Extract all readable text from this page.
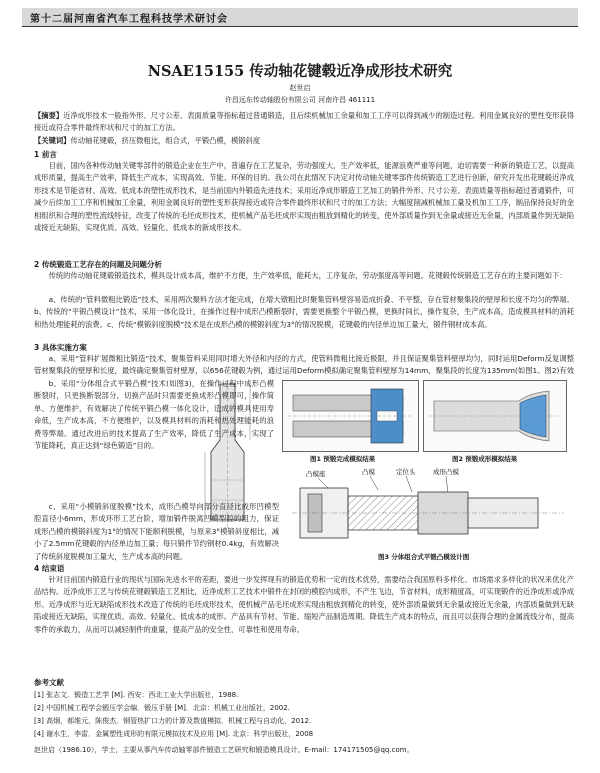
第十二届河南省汽车工程科技学术研讨会
NSAE15155 传动轴花键毂近净成形技术研究
赵世启
许昌远东传动轴股份有限公司 河南许昌 461111

【摘要】近净成形技术一般指外形、尺寸公差、表面质量等指标超过普通锻造，且后续机械加工余量和加工工序可以得到减少的制造过程。利用金属良好的塑性变形获得接近或符合零件最终形状和尺寸的加工方法。

【关键词】传动轴花键毂，挤压微粗比，组合式，平锻凸模，模锻斜度

1 前言

目前，国内各种传动轴关键零部件的锻造企业在生产中，普遍存在工艺复杂，劳动强度大，生产效率低，能源浪费严重等问题，迫切需要一种新的锻造工艺，以提高成形质量，提高生产效率，降低生产成本，实现高效、节能、环保的目的。我公司在此情况下决定对传动轴关键零部件传统锻造工艺进行创新，研究开发出花键毂近净成形技术是节能省材、高效、低成本的塑性成形技术，是当前国内外锻造先进技术；采用近净成形锻造工艺加工的锻件外形、尺寸公差、表面质量等指标超过普通锻件，可减少后续加工工序和机械加工余量，利用金属良好的塑性变形获得接近或符合零件最终形状和尺寸的加工方法；大幅度削减机械加工量及机加工工序，制品保持良好的金相组织和合理的塑性流线特征，改变了传统的毛坯成形技术，使机械产品毛坯成形实现由粗放到精化的转变，使外部质量作到无余量或接近无余量，内部质量作到无缺陷或接近无缺陷，实现优质、高效、轻量化、低成本的新成形技术。

2 传统锻造工艺存在的问题及问题分析

传统的传动轴花键毂锻造技术，模具设计成本高，维护不方便，生产效率低，能耗大，工序复杂，劳动强度高等问题。花键毂传统锻造工艺存在的主要问题如下：

a、传统的“管料微粗比锻造”技术，采用两次聚料方法才能完成，在增大镦粗比时聚集管料壁容易造成折叠、不平整，存在管材聚集段的壁厚和长度不均匀的弊端。b、传统的“平锻凸模设计”技术，采用一体化设计，在操作过程中成形凸模断裂时，需要更换整个平锻凸模，更换时间长，操作复杂，生产成本高，造成模具材料的消耗和热处理能耗的浪费。c、传统“模锻斜度脱模”技术是在成形凸模的模锻斜度为3°的情况脱模，花键毂的内径单边加工量大，锻件钢材成本高。

3 具体实施方案

a、采用“管料扩展微粗比锻造”技术，聚集管料采用同时增大外径和内径的方式，使管料微粗比接近极限，并且保证聚集管料壁厚均匀，同时运用Deform反复调整管材聚集段的壁厚和长度，最终确定聚集管材壁厚，以656花键毂为例，通过运用Deform模拟确定聚集管料壁厚为14mm，聚集段的长度为135mm(如图1、图2)有效

图1 预锻完成模拟结果	图2 预锻成形模拟结果

b、采用“分体组合式平锻凸模”技术(如图3)，在操作过程中成形凸模断裂时，只更换断裂部分，切换产品时只需要更换成形凸模即可，操作简单、方便维护，有效解决了传统平锻凸模一体化设计，造成的模具使用寿命低，生产成本高，不方便维护，以及模具材料的消耗和热处理能耗的浪费等弊端。通过改进后的技术提高了生产效率，降低了生产成本，实现了节能降耗，真正达到“绿色锻造”目的。

凸模座	凸模	定位头	成形凸模
图3 分体组合式平锻凸模设计图

c、采用“小模锻斜度脱模”技术，成形凸模导向部分直径比成形凹模型腔直径小6mm，形成环形工艺台阶，增加锻件脱离凹模型腔的阻力，保证成形凸模的模锻斜度为1°的情况下能顺利脱模，与原来3°模锻斜度相比，减小了2.5mm花键毂的内径单边加工量；每只锻件节约钢材0.4kg，有效解决了传统斜度脱模加工量大，生产成本高的问题。

4 结束语

针对目前国内锻造行业的现状与国际先进水平的差距，要进一步发挥现有的锻造优势和一定的技术优势，需要结合我国原料多样化、市场需求多样化的状况来优化产品结构。近净成形工艺与传统花键毂锻造工艺相比，近净成形工艺技术中锻件在封闭的模腔内成形，不产生飞边，节省材料，成形精度高，可实现锻件的近净成形或净成形。近净成形与近无缺陷成形技术改造了传统的毛坯成形技术，使机械产品毛坯成形实现由粗放到精化的转变，使外部质量做到无余量或接近无余量，内部质量做到无缺陷或接近无缺陷，实现优质、高效、轻量化、低成本的成形。产品具有节材、节能、缩短产品制造周期、降低生产成本的特点，而且可以获得合理的金属流线分布，提高零件的承载力，从而可以减轻制件的重量，提高产品的安全性、可靠性和使用寿命。

参考文献
[1] 张志文．锻造工艺学 [M]. 西安：西北工业大学出版社，1988.
[2] 中国机械工程学会锻压学会编．锻压手册 [M]．北京：机械工业出版社，2002.
[3] 高炯，郝维元，陈俊杰．钢管热扩口力的计算及数值模拟．机械工程与自动化，2012.
[4] 谢水生，李雷．金属塑性成形的有限元模拟技术及应用 [M]. 北京：科学出版社，2008
赵世启（1986.10），学士，主要从事汽车传动轴零部件锻造工艺研究和锻造模具设计。E-mail：174171505@qq.com。
